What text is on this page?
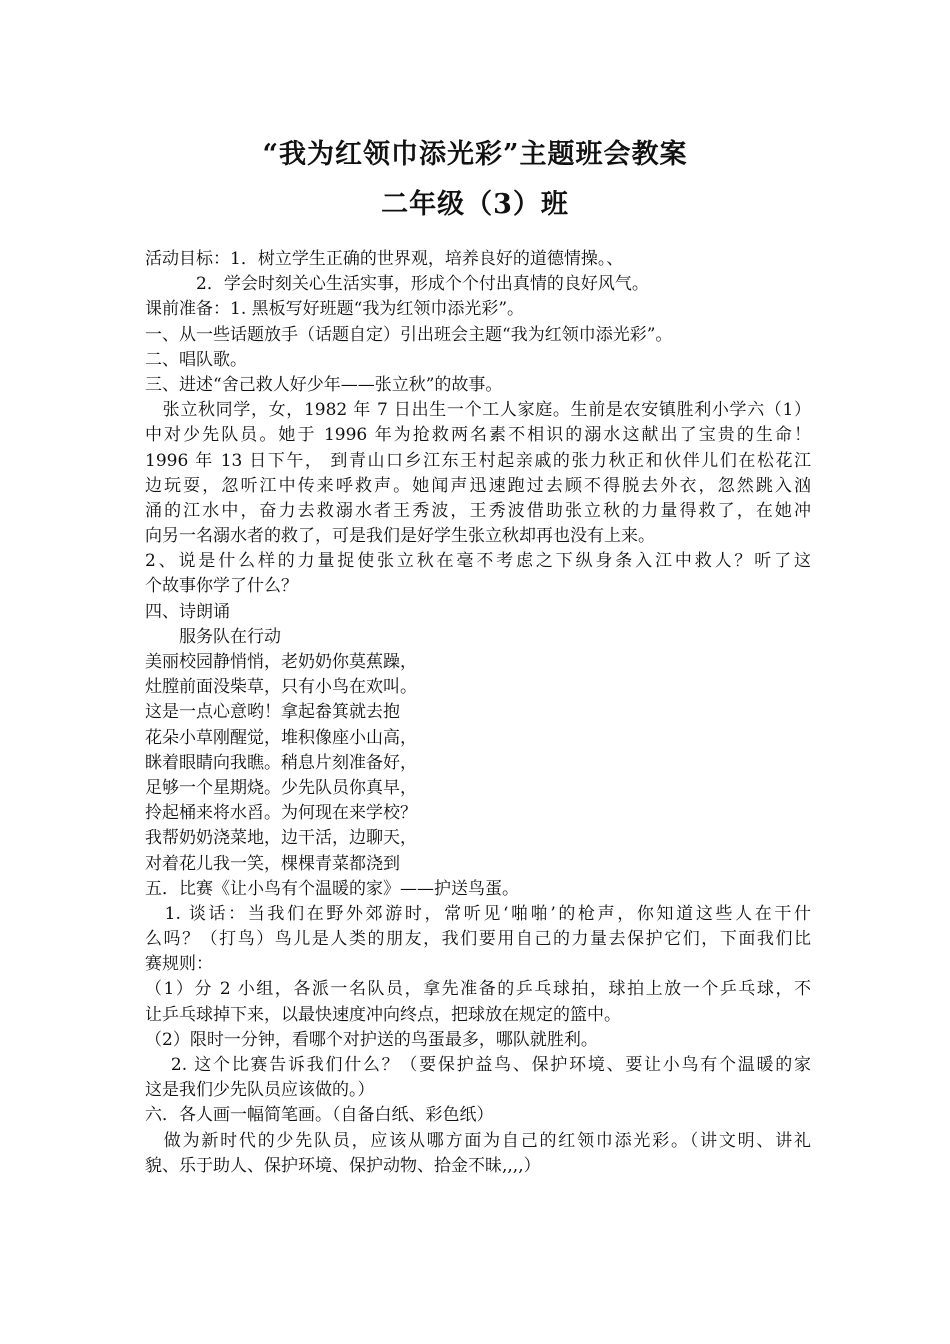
“我为红领巾添光彩”主题班会教案
二年级（3）班
活动目标：1．树立学生正确的世界观，培养良好的道德情操。、
　　　2．学会时刻关心生活实事，形成个个付出真情的良好风气。
课前准备：1. 黑板写好班题“我为红领巾添光彩”。
一、从一些话题放手（话题自定）引出班会主题“我为红领巾添光彩”。
二、唱队歌。
三、进述“舍己救人好少年——张立秋”的故事。
　张立秋同学，女，1982 年 7 日出生一个工人家庭。生前是农安镇胜利小学六（1）
中对少先队员。她于 1996 年为抢救两名素不相识的溺水这献出了宝贵的生命！
1996 年 13 日下午， 到青山口乡江东王村起亲戚的张力秋正和伙伴儿们在松花江
边玩耍，忽听江中传来呼救声。她闻声迅速跑过去顾不得脱去外衣，忽然跳入汹
涌的江水中，奋力去救溺水者王秀波，王秀波借助张立秋的力量得救了，在她冲
向另一名溺水者的救了，可是我们是好学生张立秋却再也没有上来。
2、说是什么样的力量捉使张立秋在毫不考虑之下纵身条入江中救人？听了这
个故事你学了什么？
四、诗朗诵
　　服务队在行动
美丽校园静悄悄，老奶奶你莫蕉躁，
灶膛前面没柴草，只有小鸟在欢叫。
这是一点心意哟！拿起畚箕就去抱
花朵小草刚醒觉，堆积像座小山高，
眯着眼睛向我瞧。稍息片刻准备好，
足够一个星期烧。少先队员你真早，
拎起桶来将水舀。为何现在来学校？
我帮奶奶浇菜地，边干活，边聊天，
对着花儿我一笑，棵棵青菜都浇到
五．比赛《让小鸟有个温暖的家》——护送鸟蛋。
　1. 谈话：当我们在野外郊游时，常听见‘啪啪’的枪声，你知道这些人在干什
么吗？（打鸟）鸟儿是人类的朋友，我们要用自己的力量去保护它们，下面我们比
赛规则：
（1）分 2 小组，各派一名队员，拿先准备的乒乓球拍，球拍上放一个乒乓球，不
让乒乓球掉下来，以最快速度冲向终点，把球放在规定的篮中。
（2）限时一分钟，看哪个对护送的鸟蛋最多，哪队就胜利。
　 2. 这个比赛告诉我们什么？（要保护益鸟、保护环境、要让小鸟有个温暖的家
这是我们少先队员应该做的。）
六．各人画一幅简笔画。（自备白纸、彩色纸）
　做为新时代的少先队员，应该从哪方面为自己的红领巾添光彩。（讲文明、讲礼
貌、乐于助人、保护环境、保护动物、拾金不昧,,,,）
